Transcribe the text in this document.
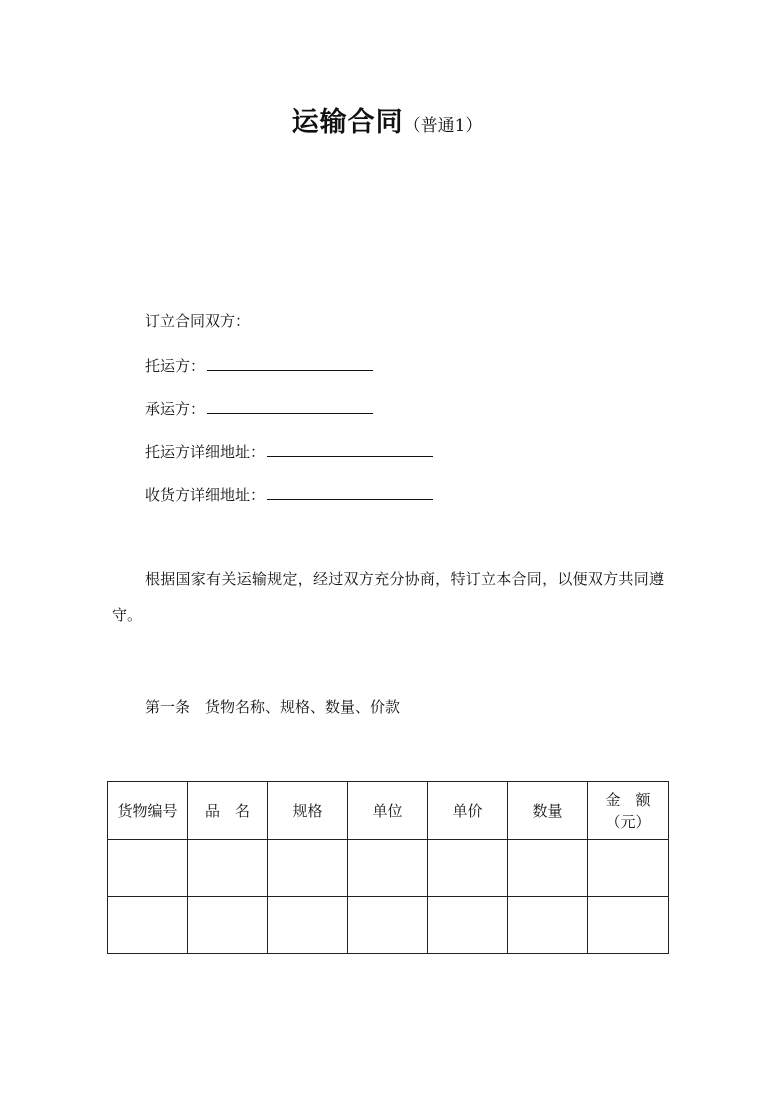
运输合同（普通1）
订立合同双方：
托运方：
承运方：
托运方详细地址：
收货方详细地址：
根据国家有关运输规定，经过双方充分协商，特订立本合同，以便双方共同遵守。
第一条　货物名称、规格、数量、价款
货物编号	品　名	规格	单位	单价	数量	金　额
（元）
